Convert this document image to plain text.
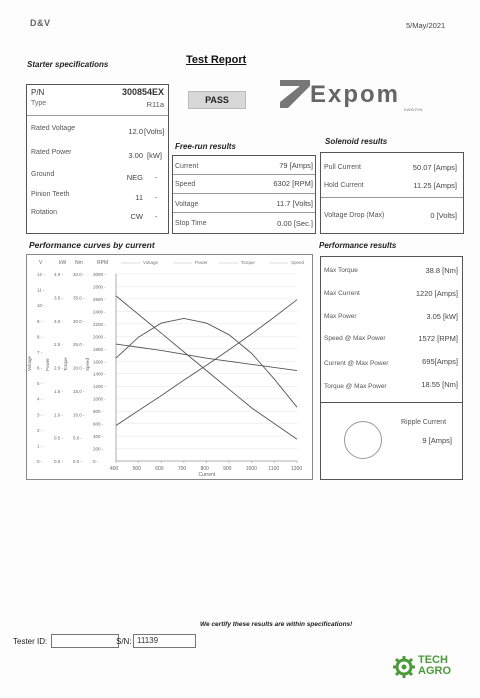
D&V	5/May/2021
Test Report
PASS	Expom
KWIDZYN
Starter specifications
P/N	300854EX
Type	R11a
Rated Voltage	12.0 [Volts]
Rated Power	3.00 [kW]
Ground	NEG -
Pinion Teeth	11 -
Rotation	CW -
Free-run results
Current	79 [Amps]
Speed	6302 [RPM]
Voltage	11.7 [Volts]
Stop Time	0.00 [Sec.]
Solenoid results
Pull Current	50.07 [Amps]
Hold Current	11.25 [Amps]
Voltage Drop (Max)	0 [Volts]
Performance curves by current
V	kW Nm	RPM	Voltage	Power	Torque	Speed
12 -
11 -
10 -
9 -
8 -
7 -
6 -
5 -
4 -
3 -
2 -
1 -
0 -
4.0 -
3.5 -
3.0 -
2.5 -
2.0 -
1.5 -
1.0 -
0.5 -
0.0 -
40.0 -
35.0 -
30.0 -
25.0 -
20.0 -
15.0 -
10.0 -
5.0 -
0.0 -
3000 -
2800 -
2600 -
2400 -
2200 -
2000 -
1800 -
1600 -
1400 -
1200 -
1000 -
800 -
600 -
400 -
200 -
0 -
Voltage	Power	Torque	Speed
400	500	600	700	800	900	1000 1100 1200
Current
Performance results
Max Torque	38.8 [Nm]
Max Current	1220 [Amps]
Max Power	3.05 [kW]
Speed @ Max Power	1572 [RPM]
Current @ Max Power	695[Amps]
Torque @ Max Power	18.55 [Nm]
Ripple Current
9 [Amps]
We certify these results are within specifications!
Tester ID:	S/N: 11139
TECH AGRO
